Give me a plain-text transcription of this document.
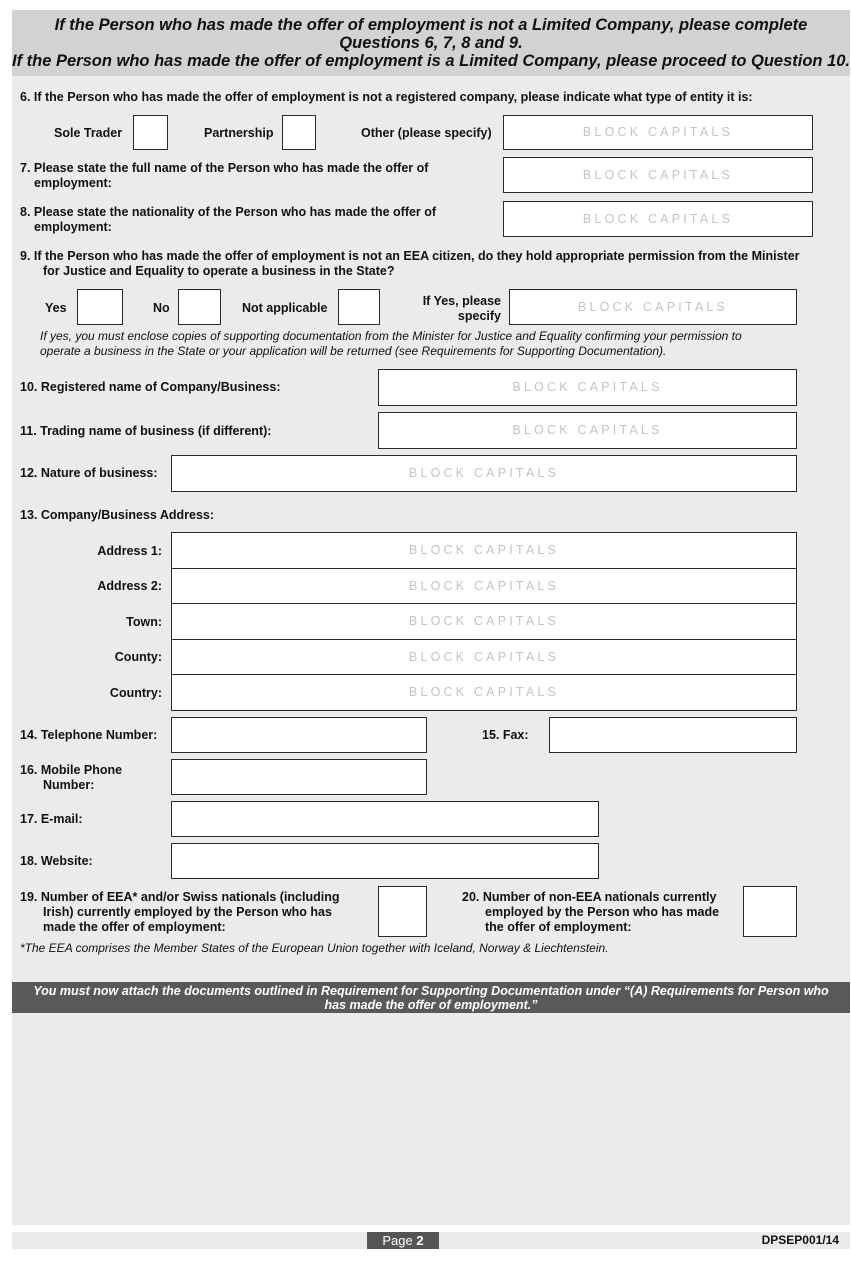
If the Person who has made the offer of employment is not a Limited Company, please complete
Questions 6, 7, 8 and 9.
If the Person who has made the offer of employment is a Limited Company, please proceed to Question 10.
6. If the Person who has made the offer of employment is not a registered company, please indicate what type of entity it is:
Sole Trader	Partnership	Other (please specify)	BLOCK CAPITALS
7. Please state the full name of the Person who has made the offer of
employment:
BLOCK CAPITALS
8. Please state the nationality of the Person who has made the offer of
employment:
BLOCK CAPITALS
9. If the Person who has made the offer of employment is not an EEA citizen, do they hold appropriate permission from the Minister
for Justice and Equality to operate a business in the State?
Yes	No	Not applicable	If Yes, please
specify
BLOCK CAPITALS
If yes, you must enclose copies of supporting documentation from the Minister for Justice and Equality confirming your permission to
operate a business in the State or your application will be returned (see Requirements for Supporting Documentation).
10. Registered name of Company/Business:	BLOCK CAPITALS
11. Trading name of business (if different):	BLOCK CAPITALS
12. Nature of business:	BLOCK CAPITALS
13. Company/Business Address:
Address 1:	BLOCK CAPITALS
Address 2:	BLOCK CAPITALS
Town:	BLOCK CAPITALS
County:	BLOCK CAPITALS
Country:	BLOCK CAPITALS
14. Telephone Number:	15. Fax:
16. Mobile Phone
Number:
17. E-mail:
18. Website:
19. Number of EEA* and/or Swiss nationals (including
Irish) currently employed by the Person who has
made the offer of employment:
20. Number of non-EEA nationals currently
employed by the Person who has made
the offer of employment:
*The EEA comprises the Member States of the European Union together with Iceland, Norway & Liechtenstein.
You must now attach the documents outlined in Requirement for Supporting Documentation under “(A) Requirements for Person who
has made the offer of employment.”
Page 2	DPSEP001/14
